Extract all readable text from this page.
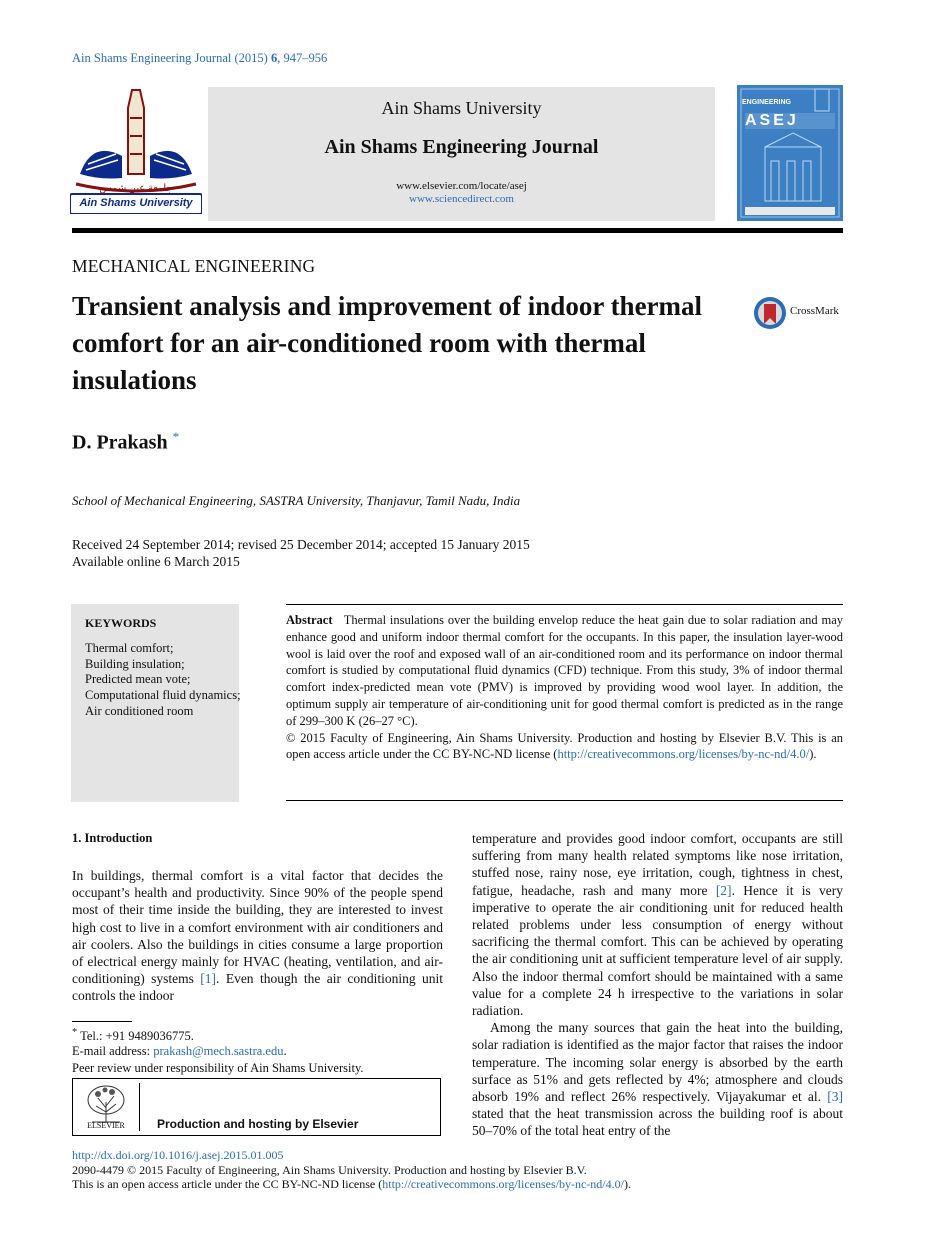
Ain Shams Engineering Journal (2015) 6, 947–956
جامعة عين شمس
Ain Shams University
Ain Shams University
Ain Shams Engineering Journal
www.elsevier.com/locate/asej
www.sciencedirect.com
ENGINEERING
ASEJ
MECHANICAL ENGINEERING
Transient analysis and improvement of indoor thermal comfort for an air-conditioned room with thermal insulations
CrossMark
D. Prakash *
School of Mechanical Engineering, SASTRA University, Thanjavur, Tamil Nadu, India
Received 24 September 2014; revised 25 December 2014; accepted 15 January 2015
Available online 6 March 2015
KEYWORDS
Thermal comfort;
Building insulation;
Predicted mean vote;
Computational fluid dynamics;
Air conditioned room
Abstract Thermal insulations over the building envelop reduce the heat gain due to solar radiation and may enhance good and uniform indoor thermal comfort for the occupants. In this paper, the insulation layer-wood wool is laid over the roof and exposed wall of an air-conditioned room and its performance on indoor thermal comfort is studied by computational fluid dynamics (CFD) technique. From this study, 3% of indoor thermal comfort index-predicted mean vote (PMV) is improved by providing wood wool layer. In addition, the optimum supply air temperature of air-conditioning unit for good thermal comfort is predicted as in the range of 299–300 K (26–27 °C).
© 2015 Faculty of Engineering, Ain Shams University. Production and hosting by Elsevier B.V. This is an open access article under the CC BY-NC-ND license (http://creativecommons.org/licenses/by-nc-nd/4.0/).
1. Introduction
In buildings, thermal comfort is a vital factor that decides the occupant’s health and productivity. Since 90% of the people spend most of their time inside the building, they are interested to invest high cost to live in a comfort environment with air conditioners and air coolers. Also the buildings in cities consume a large proportion of electrical energy mainly for HVAC (heating, ventilation, and air-conditioning) systems [1]. Even though the air conditioning unit controls the indoor

temperature and provides good indoor comfort, occupants are still suffering from many health related symptoms like nose irritation, stuffed nose, rainy nose, eye irritation, cough, tightness in chest, fatigue, headache, rash and many more [2]. Hence it is very imperative to operate the air conditioning unit for reduced health related problems under less consumption of energy without sacrificing the thermal comfort. This can be achieved by operating the air conditioning unit at sufficient temperature level of air supply. Also the indoor thermal comfort should be maintained with a same value for a complete 24 h irrespective to the variations in solar radiation.

Among the many sources that gain the heat into the building, solar radiation is identified as the major factor that raises the indoor temperature. The incoming solar energy is absorbed by the earth surface as 51% and gets reflected by 4%; atmosphere and clouds absorb 19% and reflect 26% respectively. Vijayakumar et al. [3] stated that the heat transmission across the building roof is about 50–70% of the total heat entry of the

* Tel.: +91 9489036775.
E-mail address: prakash@mech.sastra.edu.
Peer review under responsibility of Ain Shams University.
ELSEVIER	Production and hosting by Elsevier
http://dx.doi.org/10.1016/j.asej.2015.01.005
2090-4479 © 2015 Faculty of Engineering, Ain Shams University. Production and hosting by Elsevier B.V.
This is an open access article under the CC BY-NC-ND license (http://creativecommons.org/licenses/by-nc-nd/4.0/).
